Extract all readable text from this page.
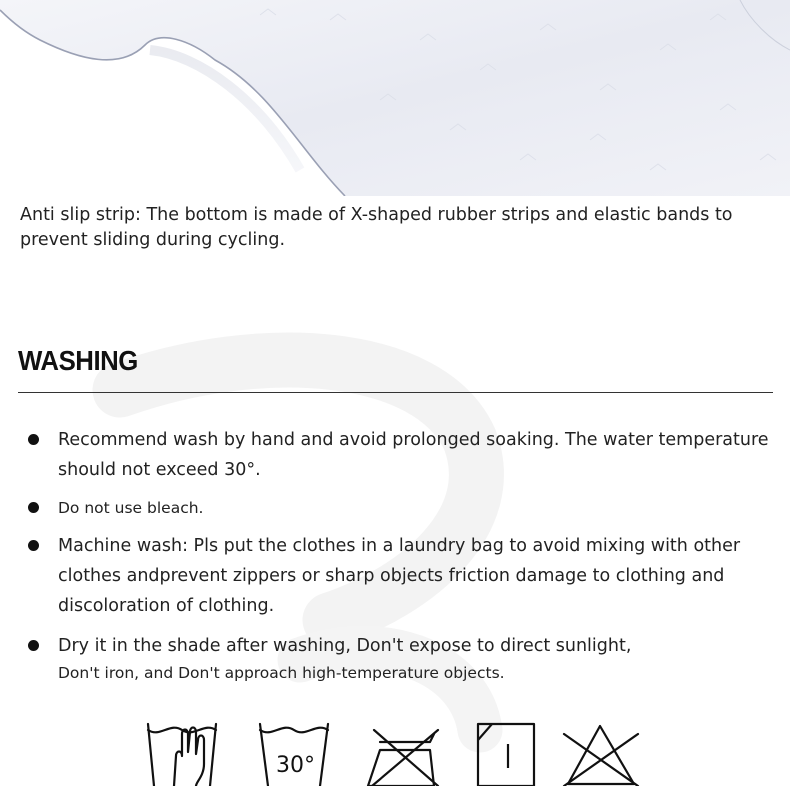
Anti slip strip: The bottom is made of X-shaped rubber strips and elastic bands to prevent sliding during cycling.
WASHING
Recommend wash by hand and avoid prolonged soaking. The water temperature should not exceed 30°.
Do not use bleach.
Machine wash: Pls put the clothes in a laundry bag to avoid mixing with other clothes andprevent zippers or sharp objects friction damage to clothing and discoloration of clothing.
Dry it in the shade after washing, Don't expose to direct sunlight,
Don't iron, and Don't approach high-temperature objects.
30°
